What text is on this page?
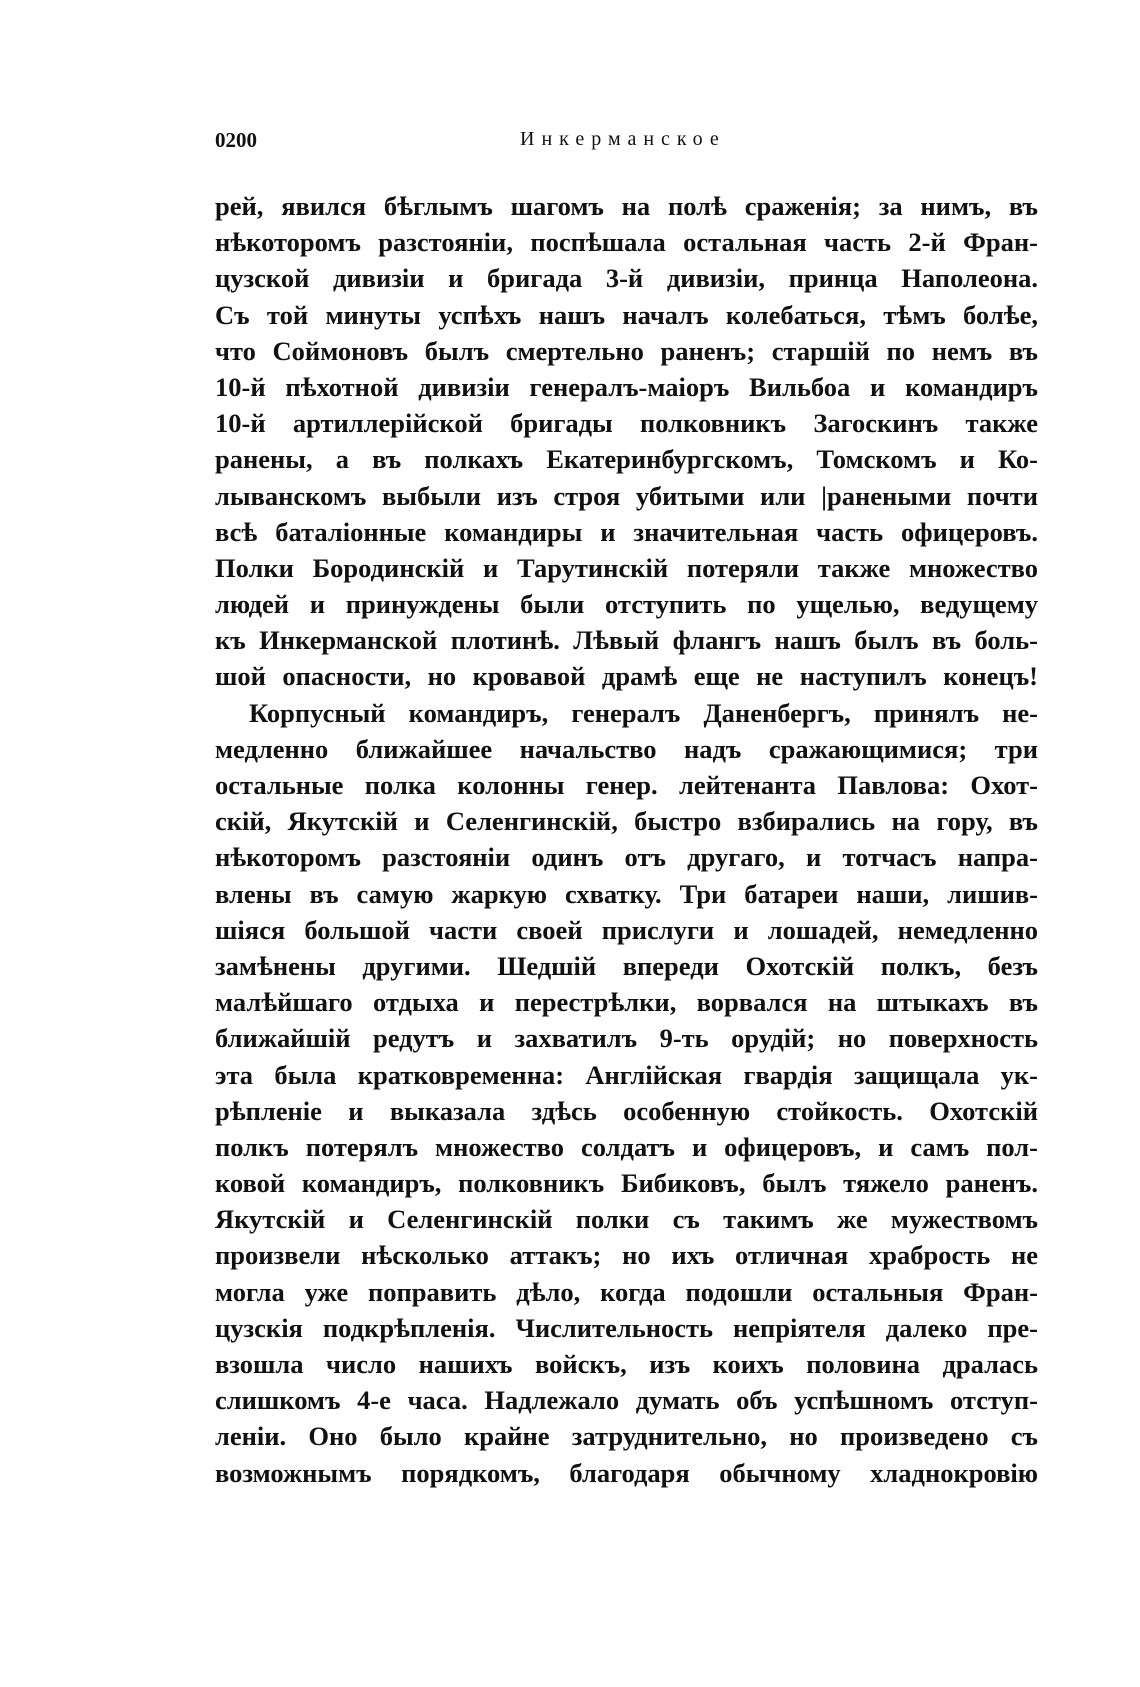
0200	Инкерманское
рей, явился бѣглымъ шагомъ на полѣ сраженія; за нимъ, въ
нѣкоторомъ разстояніи, поспѣшала остальная часть 2-й Фран-
цузской дивизіи и бригада 3-й дивизіи, принца Наполеона.
Съ той минуты успѣхъ нашъ началъ колебаться, тѣмъ болѣе,
что Соймоновъ былъ смертельно раненъ; старшій по немъ въ
10-й пѣхотной дивизіи генералъ-маіоръ Вильбоа и командиръ
10-й артиллерійской бригады полковникъ Загоскинъ также
ранены, а въ полкахъ Екатеринбургскомъ, Томскомъ и Ко-
лыванскомъ выбыли изъ строя убитыми или |ранеными почти
всѣ баталіонные командиры и значительная часть офицеровъ.
Полки Бородинскій и Тарутинскій потеряли также множество
людей и принуждены были отступить по ущелью, ведущему
къ Инкерманской плотинѣ. Лѣвый флангъ нашъ былъ въ боль-
шой опасности, но кровавой драмѣ еще не наступилъ конецъ!
Корпусный командиръ, генералъ Даненбергъ, принялъ не-
медленно ближайшее начальство надъ сражающимися; три
остальные полка колонны генер. лейтенанта Павлова: Охот-
скій, Якутскій и Селенгинскій, быстро взбирались на гору, въ
нѣкоторомъ разстояніи одинъ отъ другаго, и тотчасъ напра-
влены въ самую жаркую схватку. Три батареи наши, лишив-
шіяся большой части своей прислуги и лошадей, немедленно
замѣнены другими. Шедшій впереди Охотскій полкъ, безъ
малѣйшаго отдыха и перестрѣлки, ворвался на штыкахъ въ
ближайшій редутъ и захватилъ 9-ть орудій; но поверхность
эта была кратковременна: Англійская гвардія защищала ук-
рѣпленіе и выказала здѣсь особенную стойкость. Охотскій
полкъ потерялъ множество солдатъ и офицеровъ, и самъ пол-
ковой командиръ, полковникъ Бибиковъ, былъ тяжело раненъ.
Якутскій и Селенгинскій полки съ такимъ же мужествомъ
произвели нѣсколько аттакъ; но ихъ отличная храбрость не
могла уже поправить дѣло, когда подошли остальныя Фран-
цузскія подкрѣпленія. Числительность непріятеля далеко пре-
взошла число нашихъ войскъ, изъ коихъ половина дралась
слишкомъ 4-е часа. Надлежало думать объ успѣшномъ отступ-
леніи. Оно было крайне затруднительно, но произведено съ
возможнымъ порядкомъ, благодаря обычному хладнокровію
